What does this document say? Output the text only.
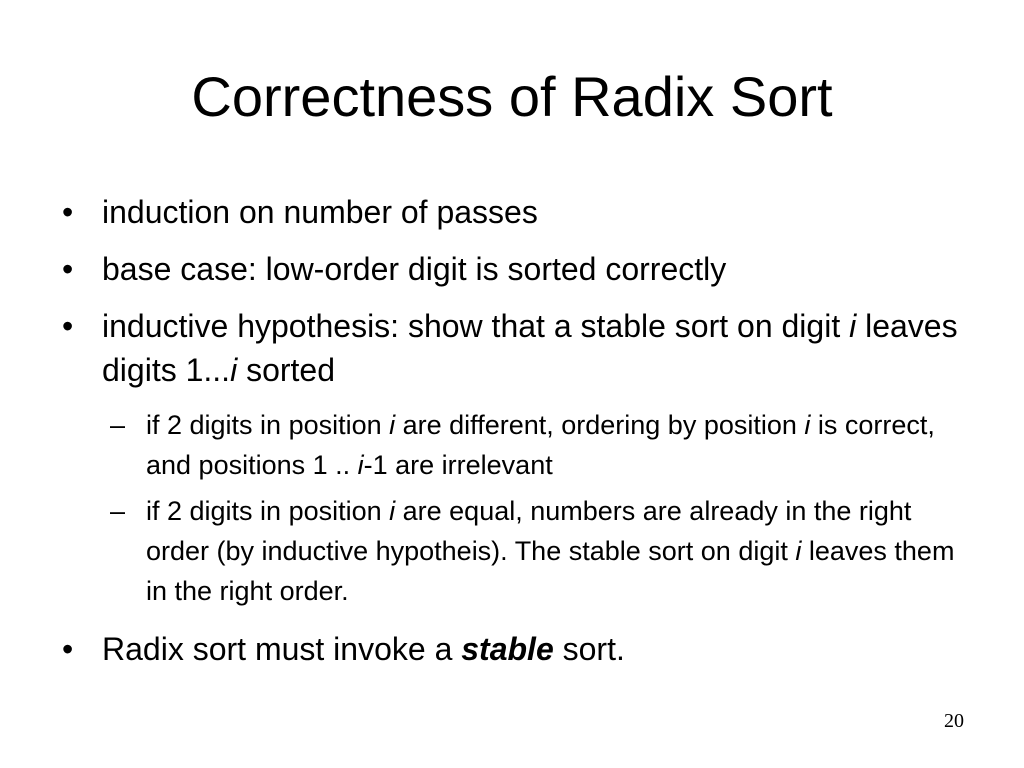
Correctness of Radix Sort
• induction on number of passes
• base case: low-order digit is sorted correctly
• inductive hypothesis: show that a stable sort on digit i leaves digits 1...i sorted
– if 2 digits in position i are different, ordering by position i is correct, and positions 1 .. i-1 are irrelevant
– if 2 digits in position i are equal, numbers are already in the right order (by inductive hypotheis). The stable sort on digit i leaves them in the right order.
• Radix sort must invoke a stable sort.
20
